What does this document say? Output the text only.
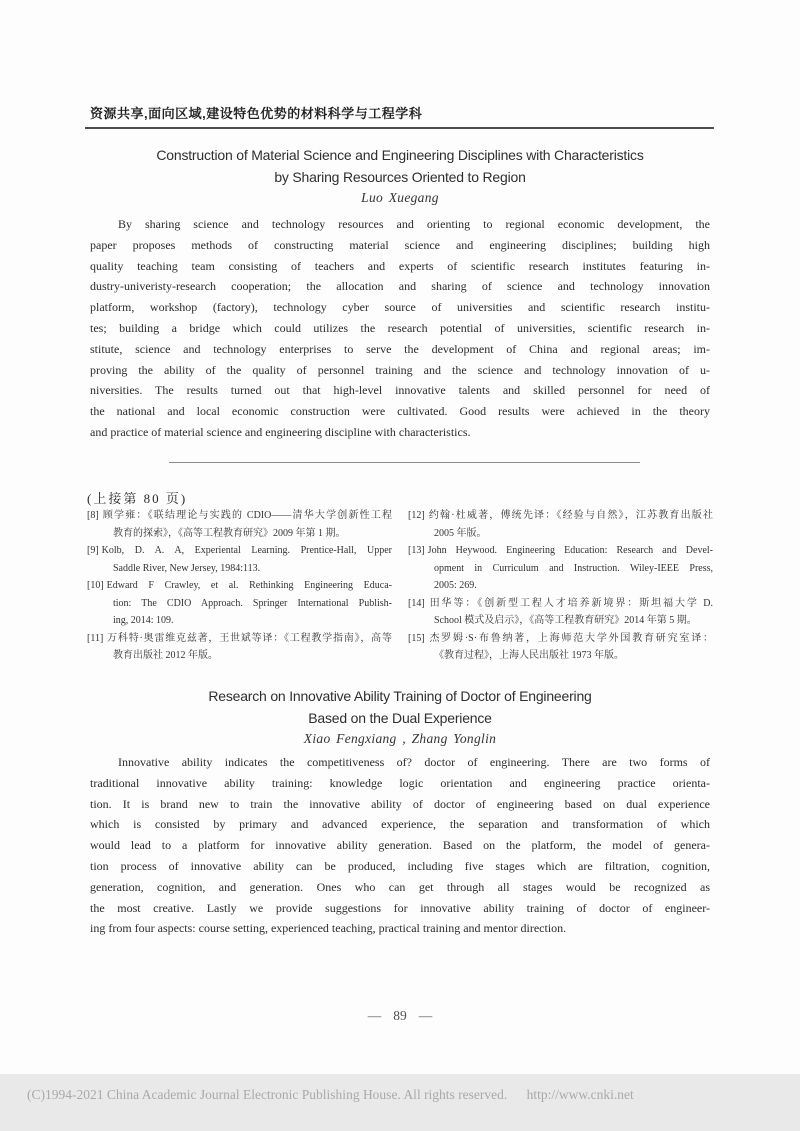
资源共享,面向区域,建设特色优势的材料科学与工程学科
Construction of Material Science and Engineering Disciplines with Characteristics
by Sharing Resources Oriented to Region
Luo Xuegang
By sharing science and technology resources and orienting to regional economic development, the
paper proposes methods of constructing material science and engineering disciplines; building high
quality teaching team consisting of teachers and experts of scientific research institutes featuring in-
dustry-univeristy-research cooperation; the allocation and sharing of science and technology innovation
platform, workshop (factory), technology cyber source of universities and scientific research institu-
tes; building a bridge which could utilizes the research potential of universities, scientific research in-
stitute, science and technology enterprises to serve the development of China and regional areas; im-
proving the ability of the quality of personnel training and the science and technology innovation of u-
niversities. The results turned out that high-level innovative talents and skilled personnel for need of
the national and local economic construction were cultivated. Good results were achieved in the theory
and practice of material science and engineering discipline with characteristics.
(上接第 80 页)
[8] 顾学雍：《联结理论与实践的 CDIO——清华大学创新性工程
教育的探索》，《高等工程教育研究》2009 年第 1 期。
[9] Kolb, D. A. A, Experiental Learning. Prentice-Hall, Upper
Saddle River, New Jersey, 1984:113.
[10] Edward F Crawley, et al. Rethinking Engineering Educa-
tion: The CDIO Approach. Springer International Publish-
ing, 2014: 109.
[11] 万科特·奥雷维克兹著，王世斌等译：《工程教学指南》，高等
教育出版社 2012 年版。
[12] 约翰·杜威著，傅统先译：《经验与自然》，江苏教育出版社
2005 年版。
[13] John Heywood. Engineering Education: Research and Devel-
opment in Curriculum and Instruction. Wiley-IEEE Press,
2005: 269.
[14] 田华等：《创新型工程人才培养新境界：斯坦福大学 D.
School 模式及启示》，《高等工程教育研究》2014 年第 5 期。
[15] 杰罗姆·S·布鲁纳著，上海师范大学外国教育研究室译：
《教育过程》，上海人民出版社 1973 年版。
Research on Innovative Ability Training of Doctor of Engineering
Based on the Dual Experience
Xiao Fengxiang , Zhang Yonglin
Innovative ability indicates the competitiveness of? doctor of engineering. There are two forms of
traditional innovative ability training: knowledge logic orientation and engineering practice orienta-
tion. It is brand new to train the innovative ability of doctor of engineering based on dual experience
which is consisted by primary and advanced experience, the separation and transformation of which
would lead to a platform for innovative ability generation. Based on the platform, the model of genera-
tion process of innovative ability can be produced, including five stages which are filtration, cognition,
generation, cognition, and generation. Ones who can get through all stages would be recognized as
the most creative. Lastly we provide suggestions for innovative ability training of doctor of engineer-
ing from four aspects: course setting, experienced teaching, practical training and mentor direction.
— 89 —
(C)1994-2021 China Academic Journal Electronic Publishing House. All rights reserved. http://www.cnki.net
